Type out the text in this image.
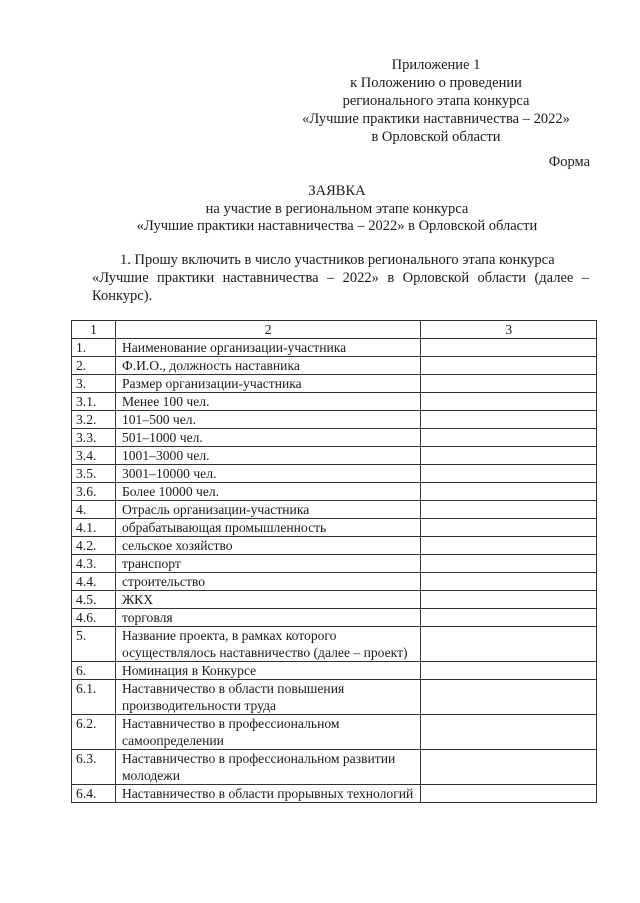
Приложение 1
к Положению о проведении
регионального этапа конкурса
«Лучшие практики наставничества – 2022»
в Орловской области
Форма
ЗАЯВКА
на участие в региональном этапе конкурса
«Лучшие практики наставничества – 2022» в Орловской области
1. Прошу включить в число участников регионального этапа конкурса
«Лучшие практики наставничества – 2022» в Орловской области (далее –
Конкурс).
1	2	3
1.	Наименование организации-участника	
2.	Ф.И.О., должность наставника	
3.	Размер организации-участника	
3.1.	Менее 100 чел.	
3.2.	101–500 чел.	
3.3.	501–1000 чел.	
3.4.	1001–3000 чел.	
3.5.	3001–10000 чел.	
3.6.	Более 10000 чел.	
4.	Отрасль организации-участника	
4.1.	обрабатывающая промышленность	
4.2.	сельское хозяйство	
4.3.	транспорт	
4.4.	строительство	
4.5.	ЖКХ	
4.6.	торговля	
5.	Название проекта, в рамках которого осуществлялось наставничество (далее – проект)	
6.	Номинация в Конкурсе	
6.1.	Наставничество в области повышения производительности труда	
6.2.	Наставничество в профессиональном самоопределении	
6.3.	Наставничество в профессиональном развитии молодежи	
6.4.	Наставничество в области прорывных технологий	
